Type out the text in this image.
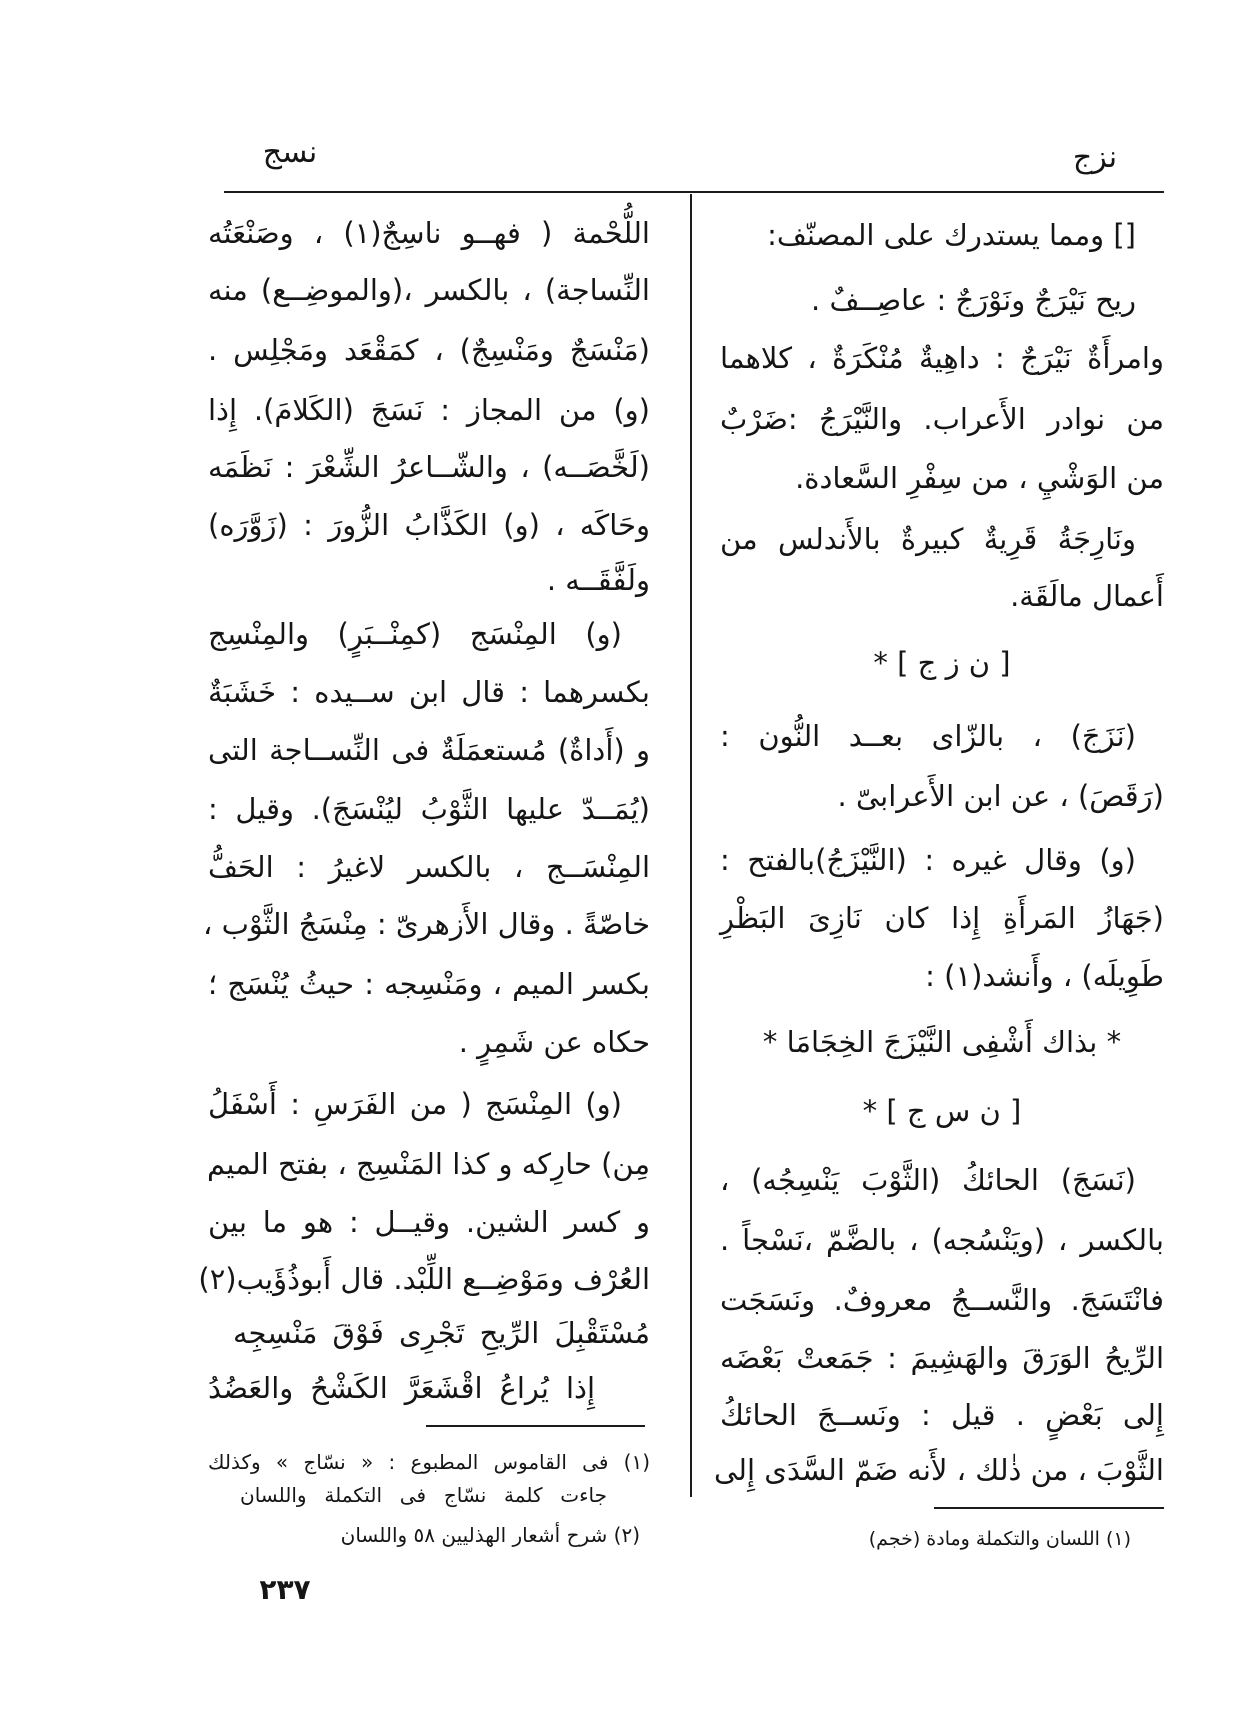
نزج
نسج
[] ومما يستدرك على المصنّف:
ريح نَيْرَجٌ ونَوْرَجٌ : عاصِــفٌ .
وامرأَةٌ نَيْرَجٌ : داهِيةٌ مُنْكَرَةٌ ، كلاهما
من نوادر الأَعراب. والنَّيْرَجُ :ضَرْبٌ
من الوَشْيِ ، من سِفْرِ السَّعادة.
ونَارِجَةُ قَرِيةٌ كبيرةٌ بالأَندلس من
أَعمال مالَقَة.
[ ن ز ج ] *
(نَزَجَ) ، بالزّاى بعــد النُّون :
(رَقَصَ) ، عن ابن الأَعرابىّ .
(و) وقال غيره : (النَّيْزَجُ)بالفتح :
(جَهَازُ المَرأَةِ إِذا كان نَازِىَ البَظْرِ
طَوِيلَه) ، وأَنشد(١) :
* بذاك أَشْفِى النَّيْزَجَ الخِجَامَا *
[ ن س ج ] *
(نَسَجَ) الحائكُ (الثَّوْبَ يَنْسِجُه) ،
بالكسر ، (ويَنْسُجه) ، بالضَّمّ ،نَسْجاً .
فانْتَسَجَ. والنَّســجُ معروفٌ. ونَسَجَت
الرِّيحُ الوَرَقَ والهَشِيمَ : جَمَعتْ بَعْضَه
إِلى بَعْضٍ . قيل : ونَســجَ الحائكُ
الثَّوْبَ ، من ذٰلك ، لأَنه ضَمّ السَّدَى إِلى
(١) اللسان والتكملة ومادة (خجم)
اللُّحْمة ( فهــو ناسِجٌ(١) ، وصَنْعَتُه
النِّساجة) ، بالكسر ،(والموضِــع) منه
(مَنْسَجٌ ومَنْسِجٌ) ، كمَقْعَد ومَجْلِس .
(و) من المجاز : نَسَجَ (الكَلامَ). إِذا
(لَخَّصَــه) ، والشّــاعرُ الشِّعْرَ : نَظَمَه
وحَاكَه ، (و) الكَذَّابُ الزُّورَ : (زَوَّرَه)
ولَفَّقَــه .
(و) المِنْسَج (كمِنْــبَرٍ) والمِنْسِج
بكسرهما : قال ابن ســيده : خَشَبَةٌ
و (أَداةٌ) مُستعمَلَةٌ فى النِّســاجة التى
(يُمَــدّ عليها الثَّوْبُ ليُنْسَجَ). وقيل :
المِنْسَــج ، بالكسر لاغيرُ : الحَفُّ
خاصّةً . وقال الأَزهرىّ : مِنْسَجُ الثَّوْب ،
بكسر الميم ، ومَنْسِجه : حيثُ يُنْسَج ؛
حكاه عن شَمِرٍ .
(و) المِنْسَج ( من الفَرَسِ : أَسْفَلُ
مِن) حارِكه و كذا المَنْسِج ، بفتح الميم
و كسر الشين. وقيــل : هو ما بين
العُرْف ومَوْضِــع اللِّبْد. قال أَبوذُؤَيب(٢)
مُسْتَقْبِلَ الرِّيحِ تَجْرِى فَوْقَ مَنْسِجِه
إِذا يُراعُ اقْشَعَرَّ الكَشْحُ والعَضُدُ
(١) فى القاموس المطبوع : « نسّاج » وكذلك
جاءت كلمة نسّاج فى التكملة واللسان
(٢) شرح أشعار الهذليين ٥٨ واللسان
٢٣٧
